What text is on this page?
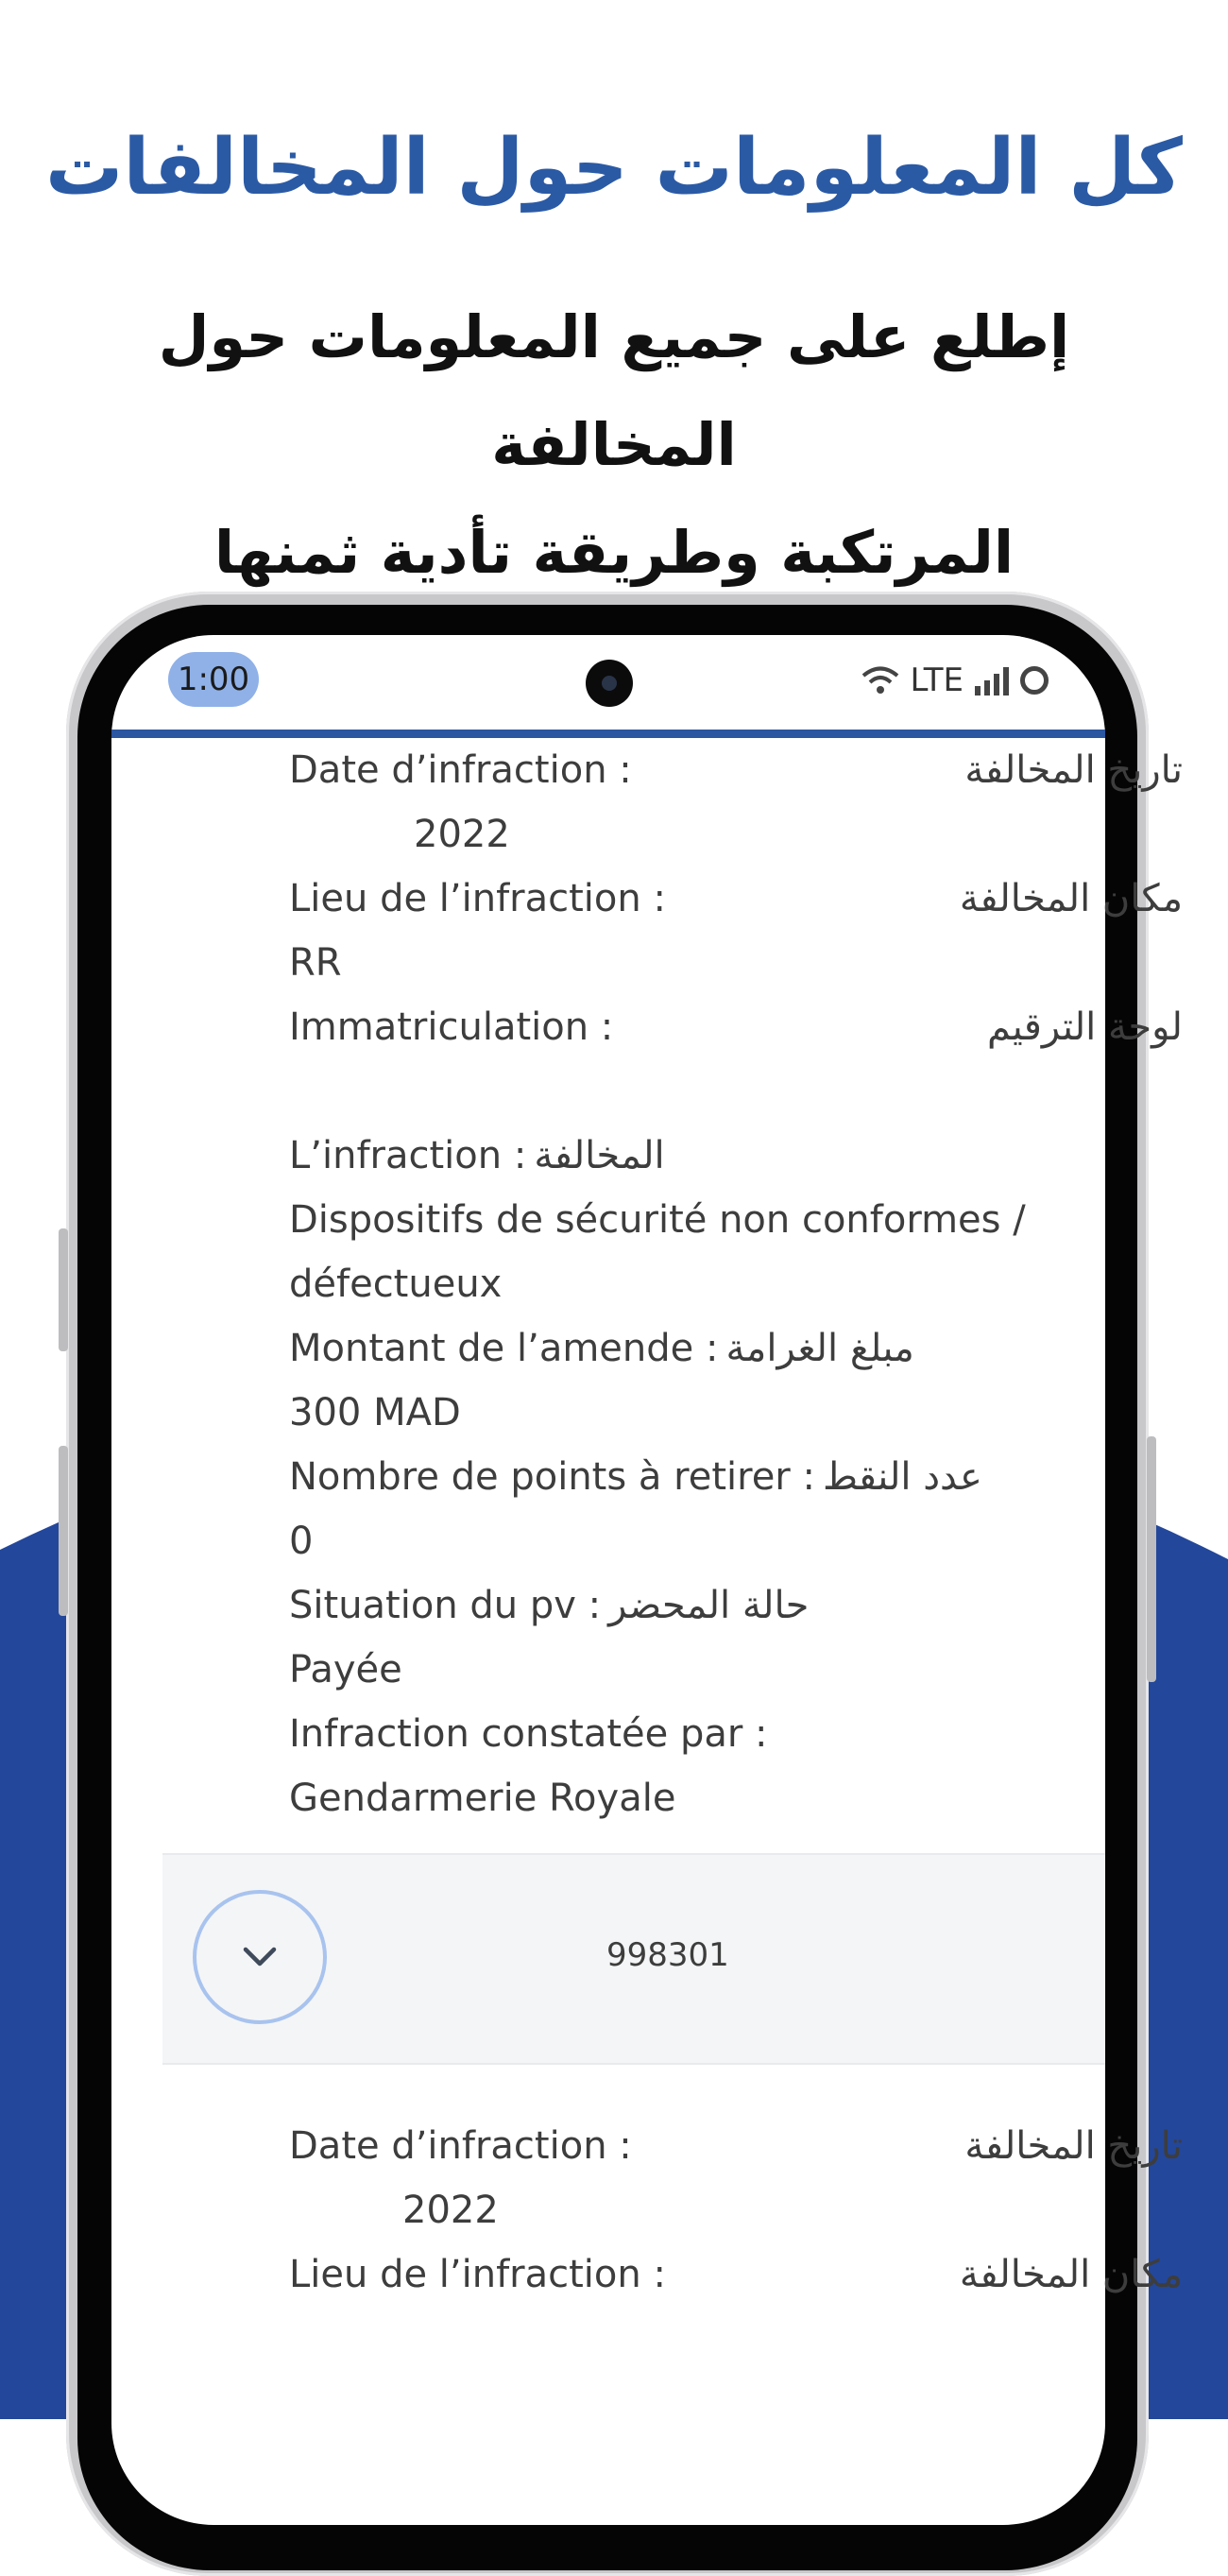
كل المعلومات حول المخالفات
إطلع على جميع المعلومات حول المخالفة
المرتكبة وطريقة تأدية ثمنها
1:00	LTE
Date d’infraction :	تاريخ المخالفة
2022
Lieu de l’infraction :	مكان المخالفة
RR
Immatriculation :	لوحة الترقيم
L’infraction : المخالفة
Dispositifs de sécurité non conformes /
défectueux
Montant de l’amende : مبلغ الغرامة
300 MAD
Nombre de points à retirer : عدد النقط
0
Situation du pv : حالة المحضر
Payée
Infraction constatée par :
Gendarmerie Royale
998301
Date d’infraction :	تاريخ المخالفة
2022
Lieu de l’infraction :	مكان المخالفة
